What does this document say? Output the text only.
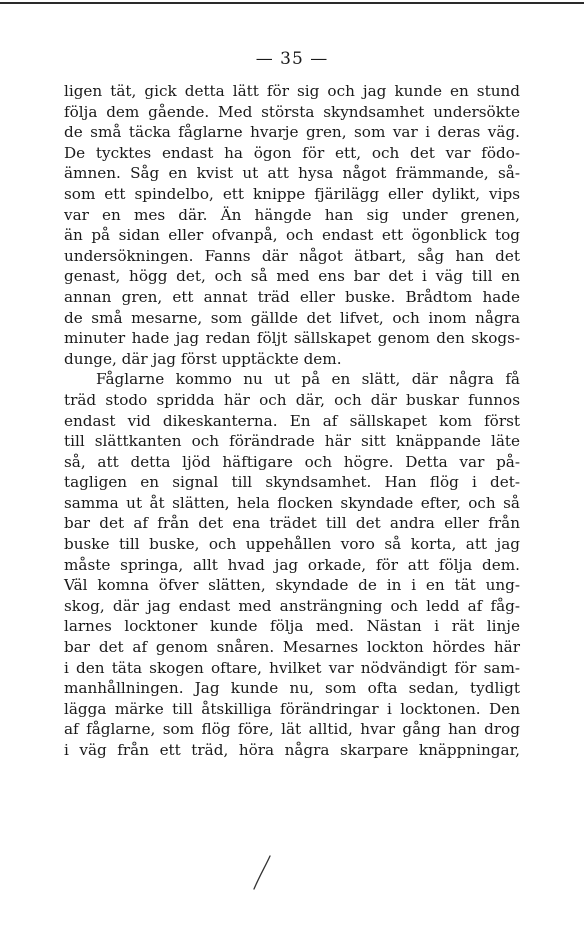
— 35 —
ligen tät, gick detta lätt för sig och jag kunde en stund
följa dem gående. Med största skyndsamhet undersökte
de små täcka fåglarne hvarje gren, som var i deras väg.
De tycktes endast ha ögon för ett, och det var födo-
ämnen. Såg en kvist ut att hysa något främmande, så-
som ett spindelbo, ett knippe fjärilägg eller dylikt, vips
var en mes där. Än hängde han sig under grenen,
än på sidan eller ofvanpå, och endast ett ögonblick tog
undersökningen. Fanns där något ätbart, såg han det
genast, högg det, och så med ens bar det i väg till en
annan gren, ett annat träd eller buske. Brådtom hade
de små mesarne, som gällde det lifvet, och inom några
minuter hade jag redan följt sällskapet genom den skogs-
dunge, där jag först upptäckte dem.
Fåglarne kommo nu ut på en slätt, där några få
träd stodo spridda här och där, och där buskar funnos
endast vid dikeskanterna. En af sällskapet kom först
till slättkanten och förändrade här sitt knäppande läte
så, att detta ljöd häftigare och högre. Detta var på-
tagligen en signal till skyndsamhet. Han flög i det-
samma ut åt slätten, hela flocken skyndade efter, och så
bar det af från det ena trädet till det andra eller från
buske till buske, och uppehållen voro så korta, att jag
måste springa, allt hvad jag orkade, för att följa dem.
Väl komna öfver slätten, skyndade de in i en tät ung-
skog, där jag endast med ansträngning och ledd af fåg-
larnes locktoner kunde följa med. Nästan i rät linje
bar det af genom snåren. Mesarnes lockton hördes här
i den täta skogen oftare, hvilket var nödvändigt för sam-
manhållningen. Jag kunde nu, som ofta sedan, tydligt
lägga märke till åtskilliga förändringar i locktonen. Den
af fåglarne, som flög före, lät alltid, hvar gång han drog
i väg från ett träd, höra några skarpare knäppningar,
